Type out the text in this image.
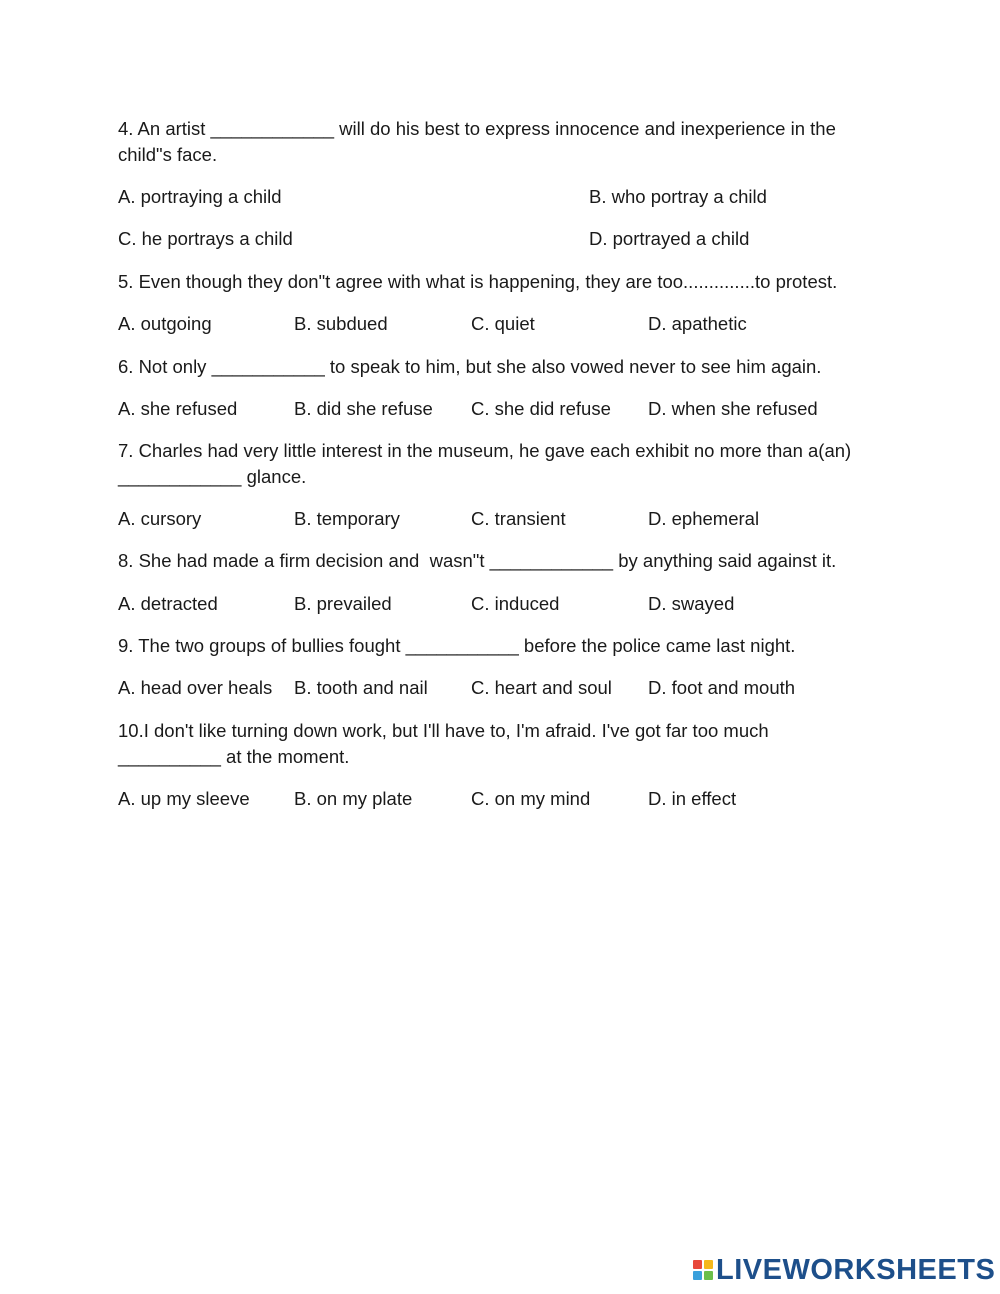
4. An artist ____________ will do his best to express innocence and inexperience in the child"s face.
A. portraying a child	B. who portray a child
C. he portrays a child	D. portrayed a child
5. Even though they don"t agree with what is happening, they are too..............to protest.
A. outgoing	B. subdued	C. quiet	D. apathetic
6. Not only ___________ to speak to him, but she also vowed never to see him again.
A. she refused	B. did she refuse C. she did refuse D. when she refused
7. Charles had very little interest in the museum, he gave each exhibit no more than a(an) ____________ glance.
A. cursory	B. temporary	C. transient	D. ephemeral
8. She had made a firm decision and  wasn"t ____________ by anything said against it.
A. detracted	B. prevailed	C. induced	D. swayed
9. The two groups of bullies fought ___________ before the police came last night.
A. head over heals B. tooth and nail C. heart and soul D. foot and mouth
10.I don't like turning down work, but I'll have to, I'm afraid. I've got far too much __________ at the moment.
A. up my sleeve B. on my plate	C. on my mind	D. in effect
LIVEWORKSHEETS
